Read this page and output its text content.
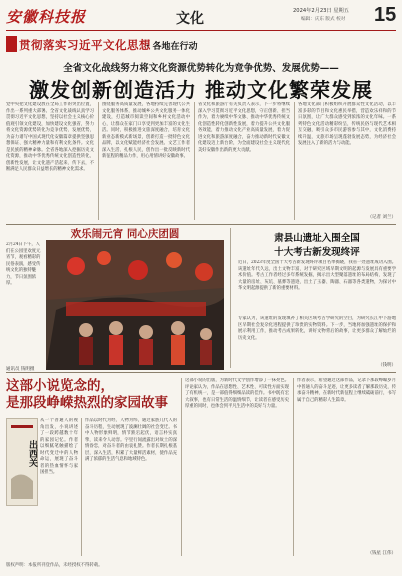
安徽科技报	文化	2024年2月23日 星期五
编辑：庆东 版式 校对 15
贯彻落实习近平文化思想
· 各地在行动
全省文化战线努力将文化资源优势转化为竞争优势、发展优势——
激发创新创造活力 推动文化繁荣发展
党中央把文化建设放在全局工作的突出位置，作出一系列重大部署。全省文化战线认真学习贯彻习近平文化思想，坚持以社会主义核心价值观引领文化建设，加快建设文化强省，努力将文化资源优势转化为竞争优势、发展优势，为奋力谱写中国式现代化安徽篇章提供坚强思想保证、强大精神力量和有利文化条件。文化是民族的精神命脉。全省各地深入挖掘历史文化资源，推动中华优秀传统文化创造性转化、创新性发展，让文化遗产活起来、传下去，不断满足人民群众日益增长的精神文化需求。
围绕服务高质量发展，各地持续完善现代公共文化服务体系，推动城乡公共文化服务一体化建设，打造城市阅读空间和乡村文化活动中心，让群众在家门口享受到更加丰富的文化生活。同时，积极推进文旅深度融合，培育文化新业态新模式新场景，创新打造一批特色文化品牌，以文化赋能经济社会发展。文艺工作者深入生活、扎根人民，创作出一批反映新时代新征程的精品力作，用心用情讲好安徽故事。
省文化和旅游厅有关负责人表示，下一步将继续深入学习贯彻习近平文化思想，守正创新、担当作为，着力赓续中华文脉、推动中华优秀传统文化创造性转化创新性发展，着力提升公共文化服务效能，着力推动文化产业高质量发展，着力促进文化和旅游深度融合，奋力推动新时代安徽文化建设迈上新台阶，为全面建设社会主义现代化美好安徽作出新的更大贡献。
各地文化部门积极组织开展群众性文化活动，以丰富多彩的节目和文化惠民举措，营造欢乐祥和的节日氛围，让广大群众感受到浓浓的文化年味。一系列特色文化活动精彩纷呈，传统民俗与现代艺术相互交融，吸引众多市民游客参与其中，文化消费持续升温，文旅市场呈现蓬勃发展态势，为经济社会发展注入了新的活力与动能。
（记者 刘兰）
欢乐闹元宵 同心庆团圆
2月24日下午，人们在公园里欢度元宵节，观看精彩的民俗表演，感受传统文化的独特魅力，节日氛围浓厚。
通讯员 钱明摄
肃县山遗址入围全国
十大考古新发现终评
近日，2023年度全国十大考古新发现终评项目名单揭晓，我省一处遗址成功入围。该遗址年代久远，出土文物丰富，对于研究区域早期文明的起源与发展具有重要学术价值。考古工作者经过多年系统发掘，揭示出大型聚落遗址的布局结构，发现了大量的房址、灰坑、墓葬等遗迹，出土了玉器、陶器、石器等各类遗物，为探讨中华文明起源提供了新的重要材料。
专家认为，该遗址的发现填补了相关区域考古学研究的空白，为研究长江中下游地区早期社会复杂化进程提供了珍贵的实物资料。下一步，当地将加强遗址的保护和展示利用工作，推动考古成果转化，讲好文物背后的故事，让更多群众了解灿烂的历史文化。
（钱明）
这部小说览念的，
是那段峥嵘热烈的家园故事
出西关
从一个普通人的视角出发，小说讲述了一段跨越数十年的家园记忆。作者以细腻笔触描绘了时代变迁中的人物命运，展现了奋斗者的热血情怀与家国担当。
作品以时代为经、人物为纬，通过家族几代人的奋斗历程，生动展现了波澜壮阔的社会变迁。书中人物形象鲜明，情节跌宕起伏，语言朴实真挚，读来令人动容。字里行间流露出对故土的深情眷恋，对奋斗者的由衷礼赞。作者长期扎根基层，深入生活，积累了大量鲜活素材，使作品充满了浓郁的生活气息和地域特色。
这部小说的出版，为新时代文学创作增添了一抹亮色。评论家认为，作品在思想性、艺术性、可读性方面实现了有机统一，是一部值得细细品读的佳作。书中既有宏大叙事，也有日常生活的温情细节，让读者在感受历史厚重的同时，也体会到平凡生活中的美好与力量。
作者表示，希望通过这部作品，记录下那段峥嵘岁月中普通人的奋斗足迹，让更多读者了解那段历史，传承奋斗精神，在新时代新征程上继续砥砺前行，书写属于自己的精彩人生篇章。
（钱星 江伟）
版权声明：本报所刊登作品，未经授权不得转载。
